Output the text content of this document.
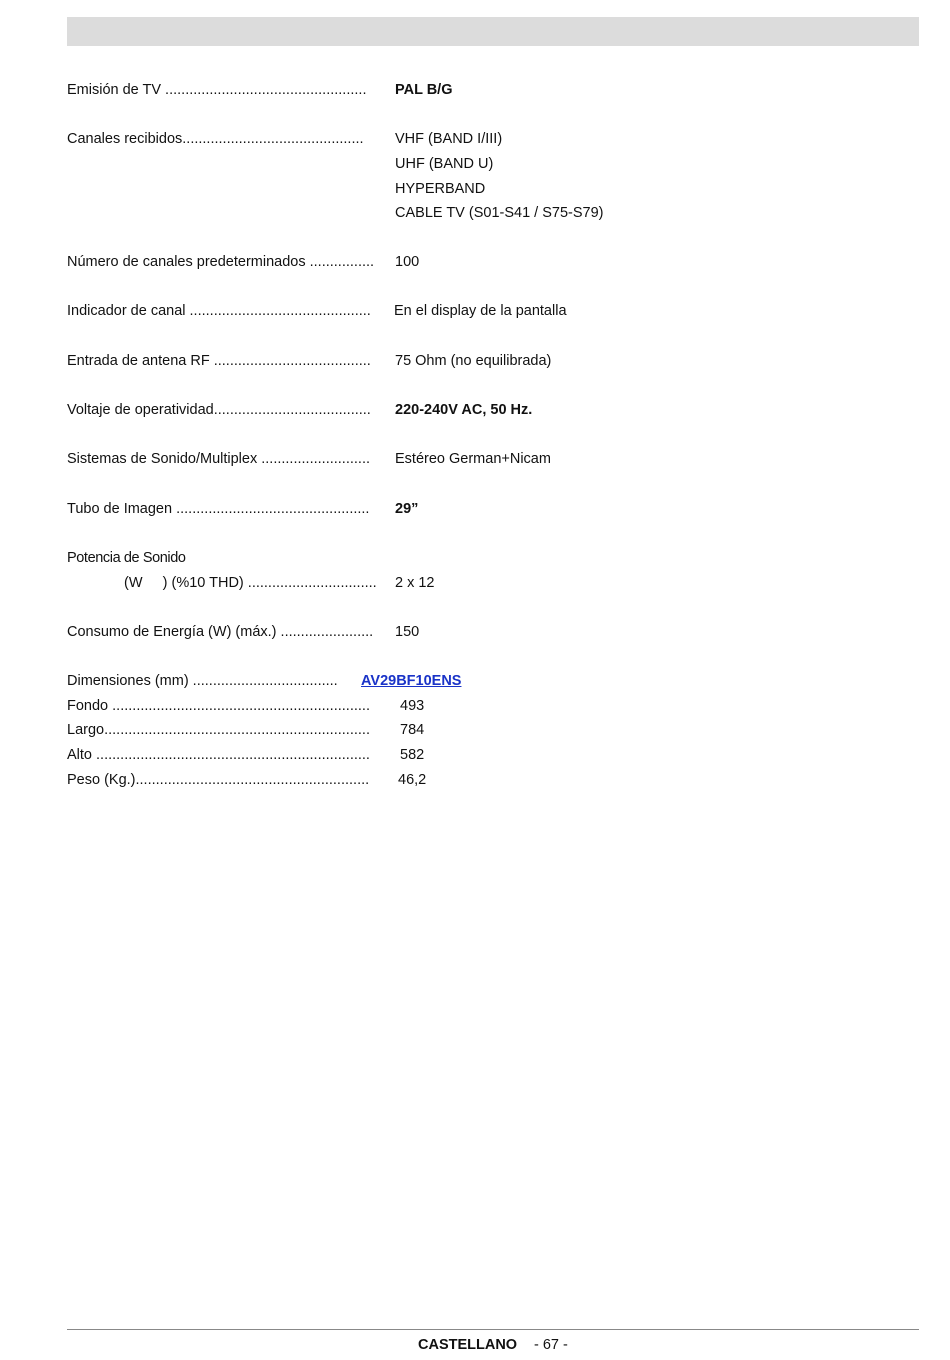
Emisión de TV .................................................. PAL B/G
Canales recibidos............................................. VHF (BAND I/III)
UHF (BAND U)
HYPERBAND
CABLE TV (S01-S41 / S75-S79)
Número de canales predeterminados ................ 100
Indicador de canal ............................................. En el display de la pantalla
Entrada de antena RF ....................................... 75 Ohm (no equilibrada)
Voltaje de operatividad....................................... 220-240V AC, 50 Hz.
Sistemas de Sonido/Multiplex ........................... Estéreo German+Nicam
Tubo de Imagen ................................................ 29”
Potencia de Sonido
(W     ) (%10 THD) ................................ 2 x 12
Consumo de Energía (W) (máx.) ....................... 150
Dimensiones (mm) .................................... AV29BF10ENS
Fondo ................................................................ 493
Largo.................................................................. 784
Alto .................................................................... 582
Peso (Kg.).......................................................... 46,2
CASTELLANO - 67 -
